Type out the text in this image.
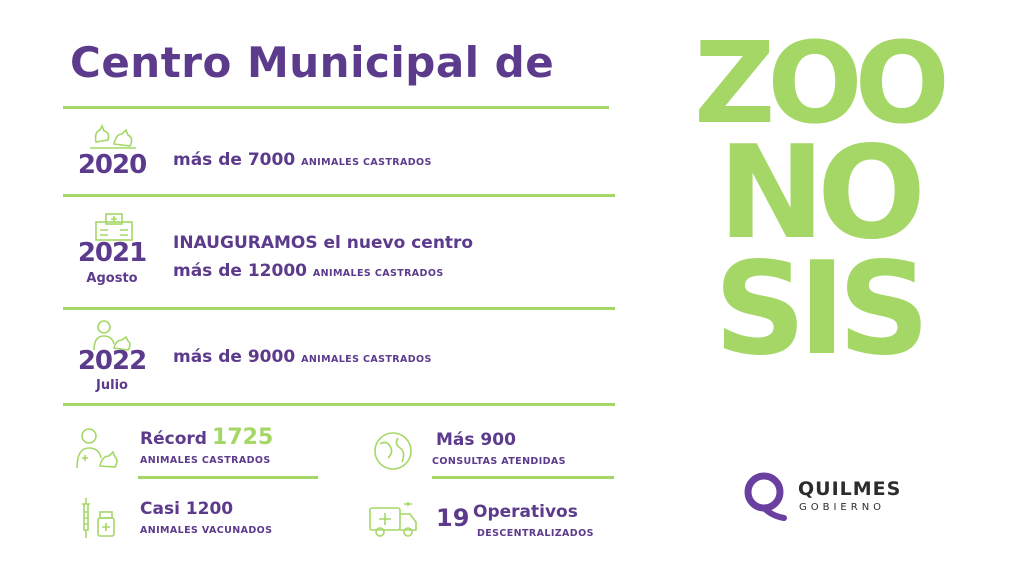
Centro Municipal de
2020	más de 7000 ANIMALES CASTRADOS
2021
Agosto
INAUGURAMOS el nuevo centro
más de 12000 ANIMALES CASTRADOS
2022
Julio
más de 9000 ANIMALES CASTRADOS
Récord 1725
ANIMALES CASTRADOS
Más 900
CONSULTAS ATENDIDAS
Casi 1200
ANIMALES VACUNADOS	19 Operativos
DESCENTRALIZADOS
ZOO
NO
SIS
QUILMES
GOBIERNO
